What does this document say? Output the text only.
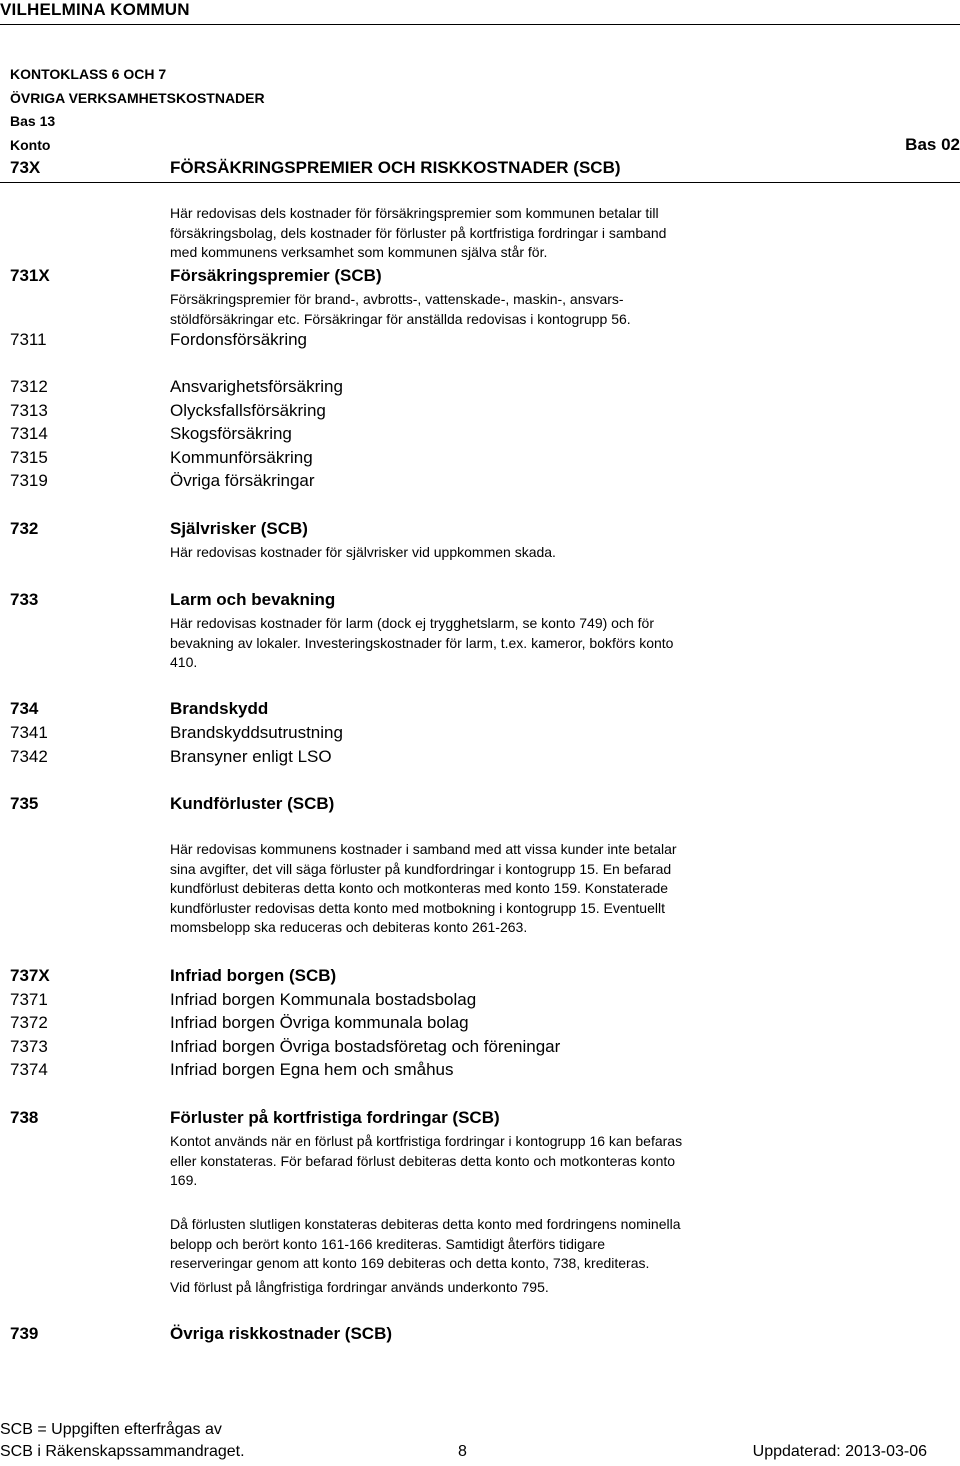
VILHELMINA KOMMUN
KONTOKLASS 6 OCH 7
ÖVRIGA VERKSAMHETSKOSTNADER
Bas 13
Konto	Bas 02
73X	FÖRSÄKRINGSPREMIER OCH RISKKOSTNADER (SCB)
Här redovisas dels kostnader för försäkringspremier som kommunen betalar till
försäkringsbolag, dels kostnader för förluster på kortfristiga fordringar i samband
med kommunens verksamhet som kommunen själva står för.
731X	Försäkringspremier (SCB)
Försäkringspremier för brand-, avbrotts-, vattenskade-, maskin-, ansvars-
stöldförsäkringar etc. Försäkringar för anställda redovisas i kontogrupp 56.
7311	Fordonsförsäkring
7312	Ansvarighetsförsäkring
7313	Olycksfallsförsäkring
7314	Skogsförsäkring
7315	Kommunförsäkring
7319	Övriga försäkringar
732	Självrisker (SCB)
Här redovisas kostnader för självrisker vid uppkommen skada.
733	Larm och bevakning
Här redovisas kostnader för larm (dock ej trygghetslarm, se konto 749) och för
bevakning av lokaler. Investeringskostnader för larm, t.ex. kameror, bokförs konto
410.
734	Brandskydd
7341	Brandskyddsutrustning
7342	Bransyner enligt LSO
735	Kundförluster (SCB)
Här redovisas kommunens kostnader i samband med att vissa kunder inte betalar
sina avgifter, det vill säga förluster på kundfordringar i kontogrupp 15. En befarad
kundförlust debiteras detta konto och motkonteras med konto 159. Konstaterade
kundförluster redovisas detta konto med motbokning i kontogrupp 15. Eventuellt
momsbelopp ska reduceras och debiteras konto 261-263.
737X	Infriad borgen (SCB)
7371	Infriad borgen Kommunala bostadsbolag
7372	Infriad borgen Övriga kommunala bolag
7373	Infriad borgen Övriga bostadsföretag och föreningar
7374	Infriad borgen Egna hem och småhus
738	Förluster på kortfristiga fordringar (SCB)
Kontot används när en förlust på kortfristiga fordringar i kontogrupp 16 kan befaras
eller konstateras. För befarad förlust debiteras detta konto och motkonteras konto
169.
Då förlusten slutligen konstateras debiteras detta konto med fordringens nominella
belopp och berört konto 161-166 krediteras. Samtidigt återförs tidigare
reserveringar genom att konto 169 debiteras och detta konto, 738, krediteras.
Vid förlust på långfristiga fordringar används underkonto 795.
739	Övriga riskkostnader (SCB)
SCB = Uppgiften efterfrågas av
SCB i Räkenskapssammandraget.	8	Uppdaterad: 2013-03-06
